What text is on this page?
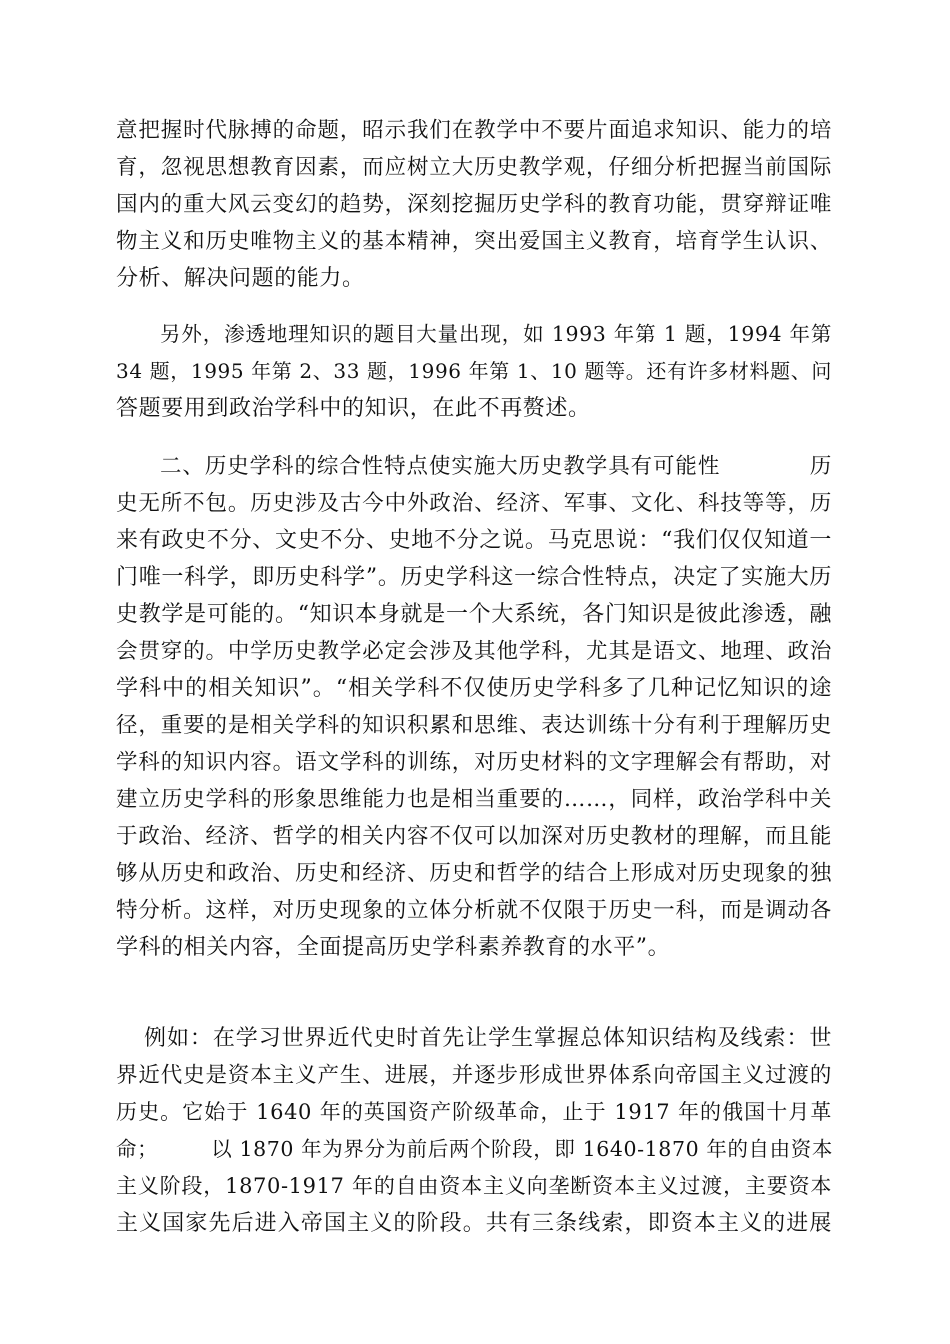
意把握时代脉搏的命题，昭示我们在教学中不要片面追求知识、能力的培
育，忽视思想教育因素，而应树立大历史教学观，仔细分析把握当前国际
国内的重大风云变幻的趋势，深刻挖掘历史学科的教育功能，贯穿辩证唯
物主义和历史唯物主义的基本精神，突出爱国主义教育，培育学生认识、
分析、解决问题的能力。
另外，渗透地理知识的题目大量出现，如 1993 年第 1 题，1994 年第
34 题，1995 年第 2、33 题，1996 年第 1、10 题等。还有许多材料题、问
答题要用到政治学科中的知识，在此不再赘述。
二、历史学科的综合性特点使实施大历史教学具有可能性　　　　历
史无所不包。历史涉及古今中外政治、经济、军事、文化、科技等等，历
来有政史不分、文史不分、史地不分之说。马克思说：“我们仅仅知道一
门唯一科学，即历史科学”。历史学科这一综合性特点，决定了实施大历
史教学是可能的。“知识本身就是一个大系统，各门知识是彼此渗透，融
会贯穿的。中学历史教学必定会涉及其他学科，尤其是语文、地理、政治
学科中的相关知识”。“相关学科不仅使历史学科多了几种记忆知识的途
径，重要的是相关学科的知识积累和思维、表达训练十分有利于理解历史
学科的知识内容。语文学科的训练，对历史材料的文字理解会有帮助，对
建立历史学科的形象思维能力也是相当重要的……，同样，政治学科中关
于政治、经济、哲学的相关内容不仅可以加深对历史教材的理解，而且能
够从历史和政治、历史和经济、历史和哲学的结合上形成对历史现象的独
特分析。这样，对历史现象的立体分析就不仅限于历史一科，而是调动各
学科的相关内容，全面提高历史学科素养教育的水平”。
例如：在学习世界近代史时首先让学生掌握总体知识结构及线索：世
界近代史是资本主义产生、进展，并逐步形成世界体系向帝国主义过渡的
历史。它始于 1640 年的英国资产阶级革命，止于 1917 年的俄国十月革
命；　　　以 1870 年为界分为前后两个阶段，即 1640-1870 年的自由资本
主义阶段，1870-1917 年的自由资本主义向垄断资本主义过渡，主要资本
主义国家先后进入帝国主义的阶段。共有三条线索，即资本主义的进展
